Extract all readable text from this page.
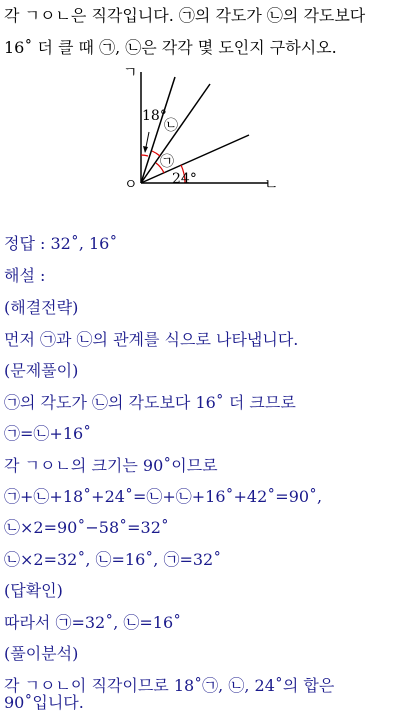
각 ㄱㅇㄴ은 직각입니다. ㉠의 각도가 ㉡의 각도보다
16˚ 더 클 때 ㉠, ㉡은 각각 몇 도인지 구하시오.
ㄱ
ㅇ	ㄴ
18°
24°
㉡
㉠
정답 : 32˚, 16˚
해설 :
(해결전략)
먼저 ㉠과 ㉡의 관계를 식으로 나타냅니다.
(문제풀이)
㉠의 각도가 ㉡의 각도보다 16˚ 더 크므로
㉠=㉡+16˚
각 ㄱㅇㄴ의 크기는 90˚이므로
㉠+㉡+18˚+24˚=㉡+㉡+16˚+42˚=90˚,
㉡×2=90˚−58˚=32˚
㉡×2=32˚, ㉡=16˚, ㉠=32˚
(답확인)
따라서 ㉠=32˚, ㉡=16˚
(풀이분석)
각 ㄱㅇㄴ이 직각이므로 18˚㉠, ㉡, 24˚의 합은
90˚입니다.
